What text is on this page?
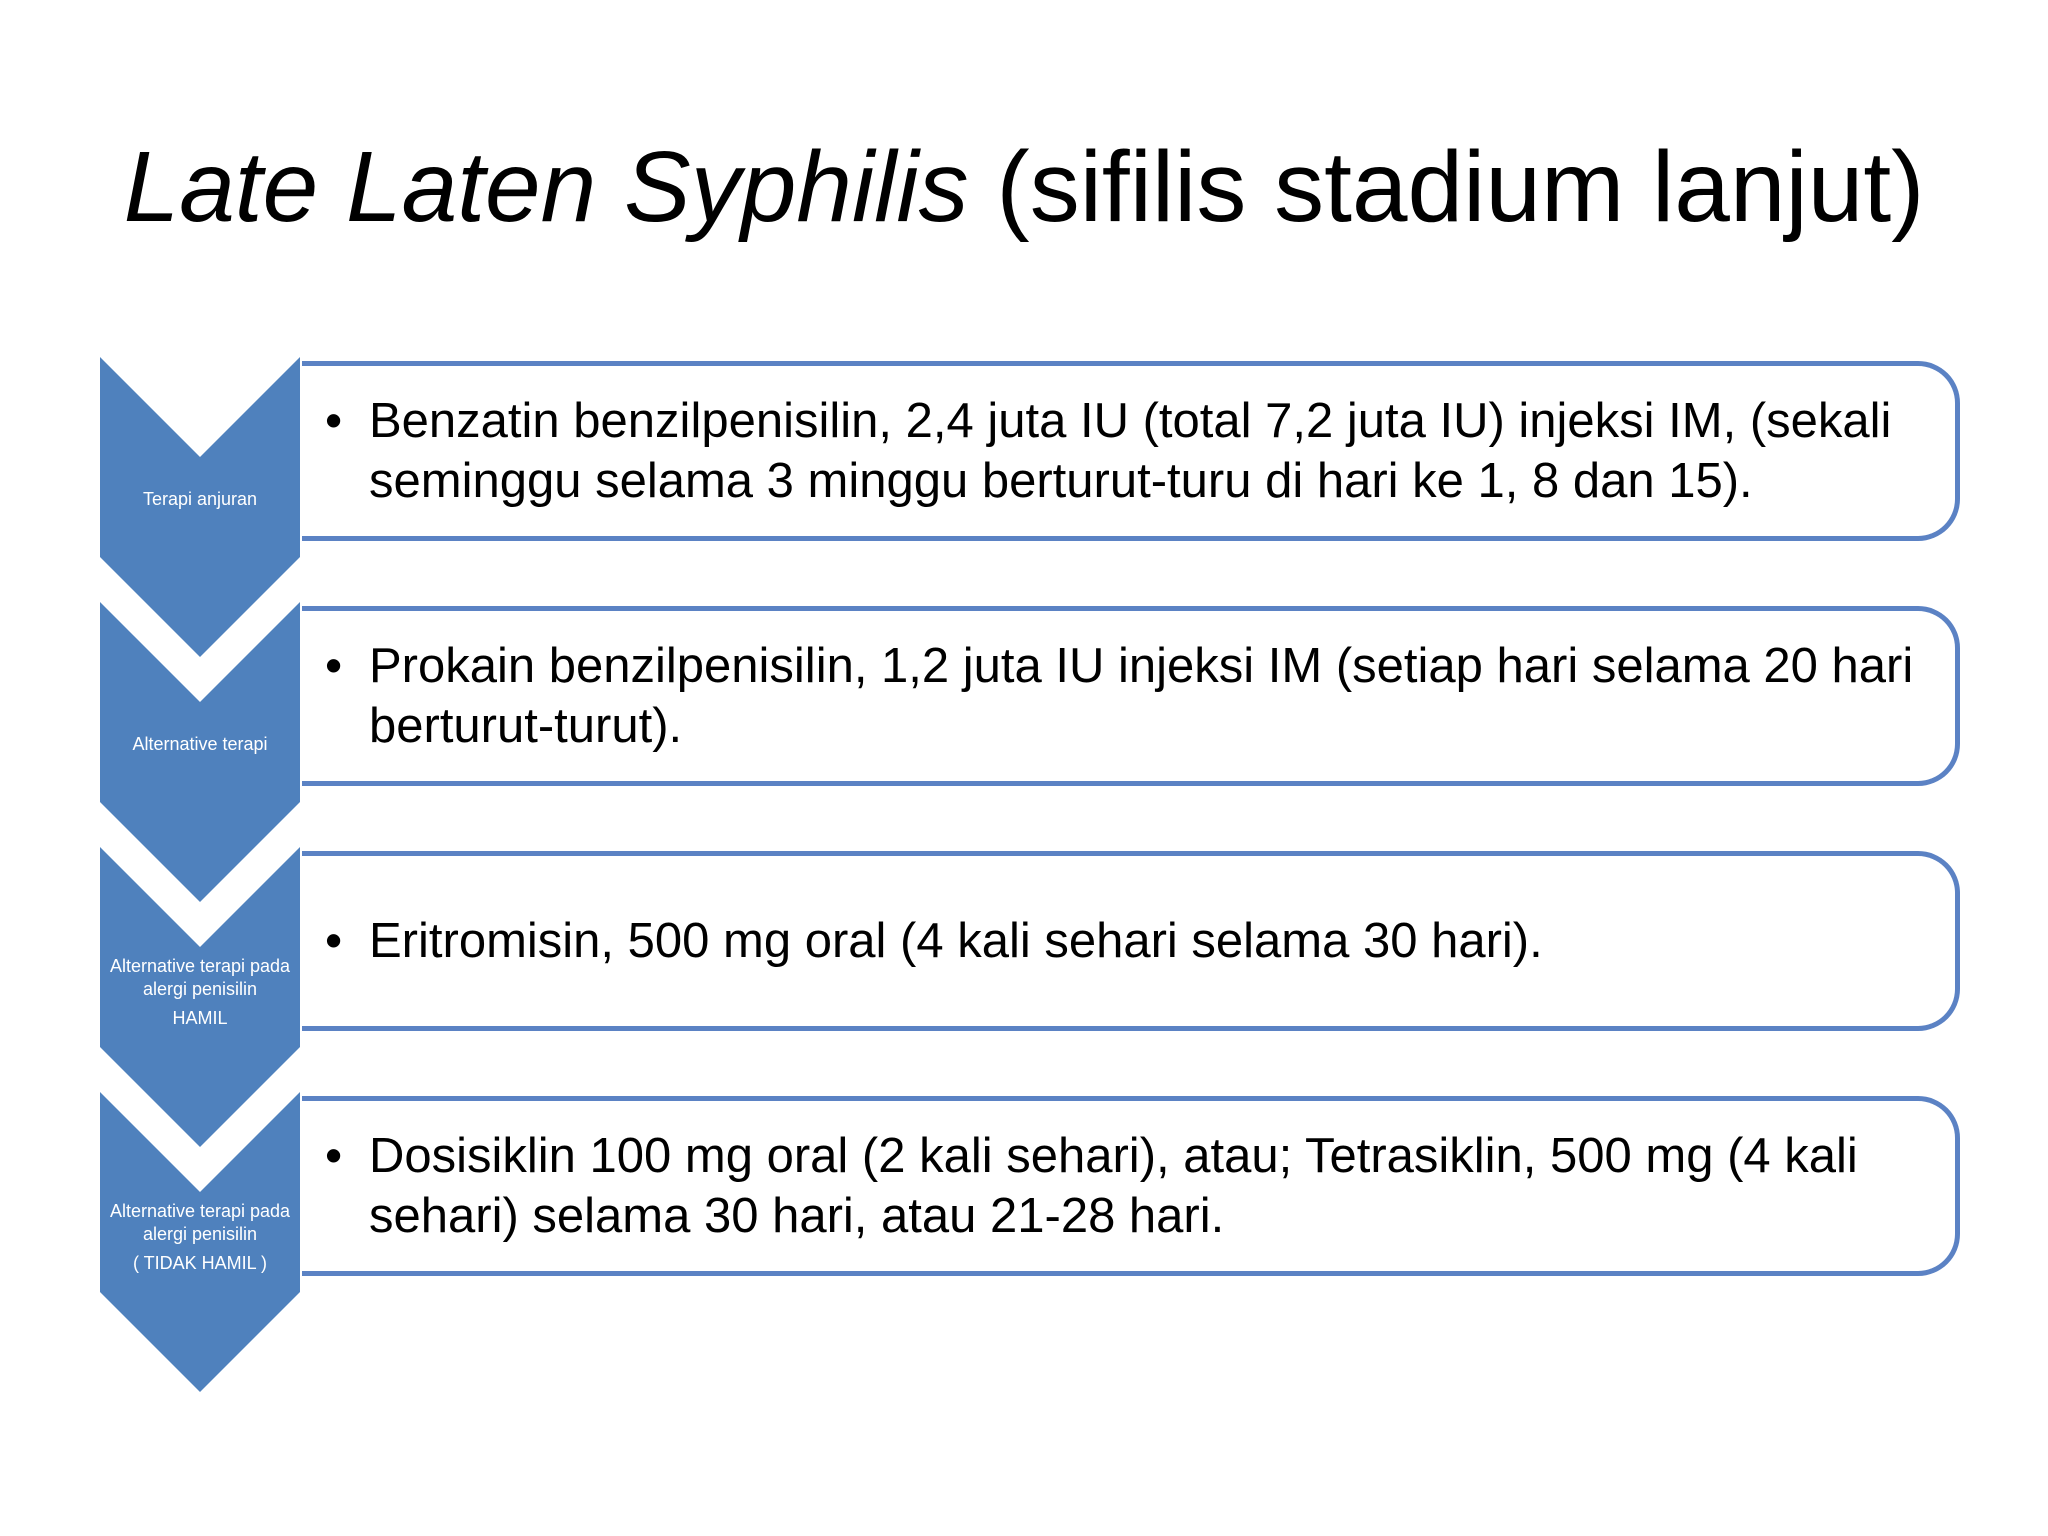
Late Laten Syphilis (sifilis stadium lanjut)
• Benzatin benzilpenisilin, 2,4 juta IU (total 7,2 juta IU) injeksi IM, (sekali seminggu selama 3 minggu berturut-turu di hari ke 1, 8 dan 15).
Terapi anjuran
• Prokain benzilpenisilin, 1,2 juta IU injeksi IM (setiap hari selama 20 hari berturut-turut).
Alternative terapi
• Eritromisin, 500 mg oral (4 kali sehari selama 30 hari).
Alternative terapi pada alergi penisilin
HAMIL
• Dosisiklin 100 mg oral (2 kali sehari), atau; Tetrasiklin, 500 mg (4 kali sehari) selama 30 hari, atau 21-28 hari.
Alternative terapi pada alergi penisilin
( TIDAK HAMIL )
